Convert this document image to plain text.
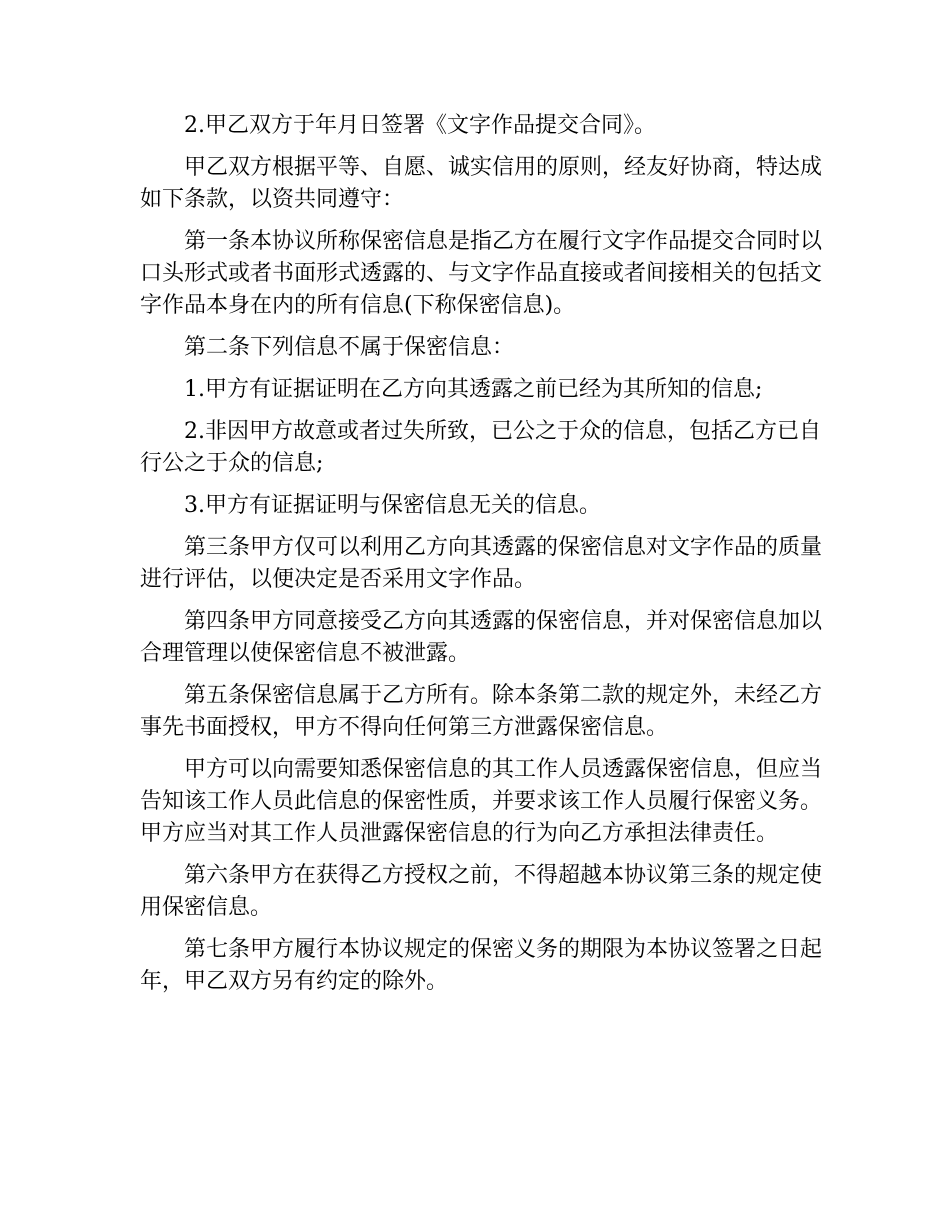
2.甲乙双方于年月日签署《文字作品提交合同》。

甲乙双方根据平等、自愿、诚实信用的原则，经友好协商，特达成如下条款，以资共同遵守：

第一条本协议所称保密信息是指乙方在履行文字作品提交合同时以口头形式或者书面形式透露的、与文字作品直接或者间接相关的包括文字作品本身在内的所有信息(下称保密信息)。

第二条下列信息不属于保密信息：

1.甲方有证据证明在乙方向其透露之前已经为其所知的信息;

2.非因甲方故意或者过失所致，已公之于众的信息，包括乙方已自行公之于众的信息;

3.甲方有证据证明与保密信息无关的信息。

第三条甲方仅可以利用乙方向其透露的保密信息对文字作品的质量进行评估，以便决定是否采用文字作品。

第四条甲方同意接受乙方向其透露的保密信息，并对保密信息加以合理管理以使保密信息不被泄露。

第五条保密信息属于乙方所有。除本条第二款的规定外，未经乙方事先书面授权，甲方不得向任何第三方泄露保密信息。

甲方可以向需要知悉保密信息的其工作人员透露保密信息，但应当告知该工作人员此信息的保密性质，并要求该工作人员履行保密义务。甲方应当对其工作人员泄露保密信息的行为向乙方承担法律责任。

第六条甲方在获得乙方授权之前，不得超越本协议第三条的规定使用保密信息。

第七条甲方履行本协议规定的保密义务的期限为本协议签署之日起年，甲乙双方另有约定的除外。
